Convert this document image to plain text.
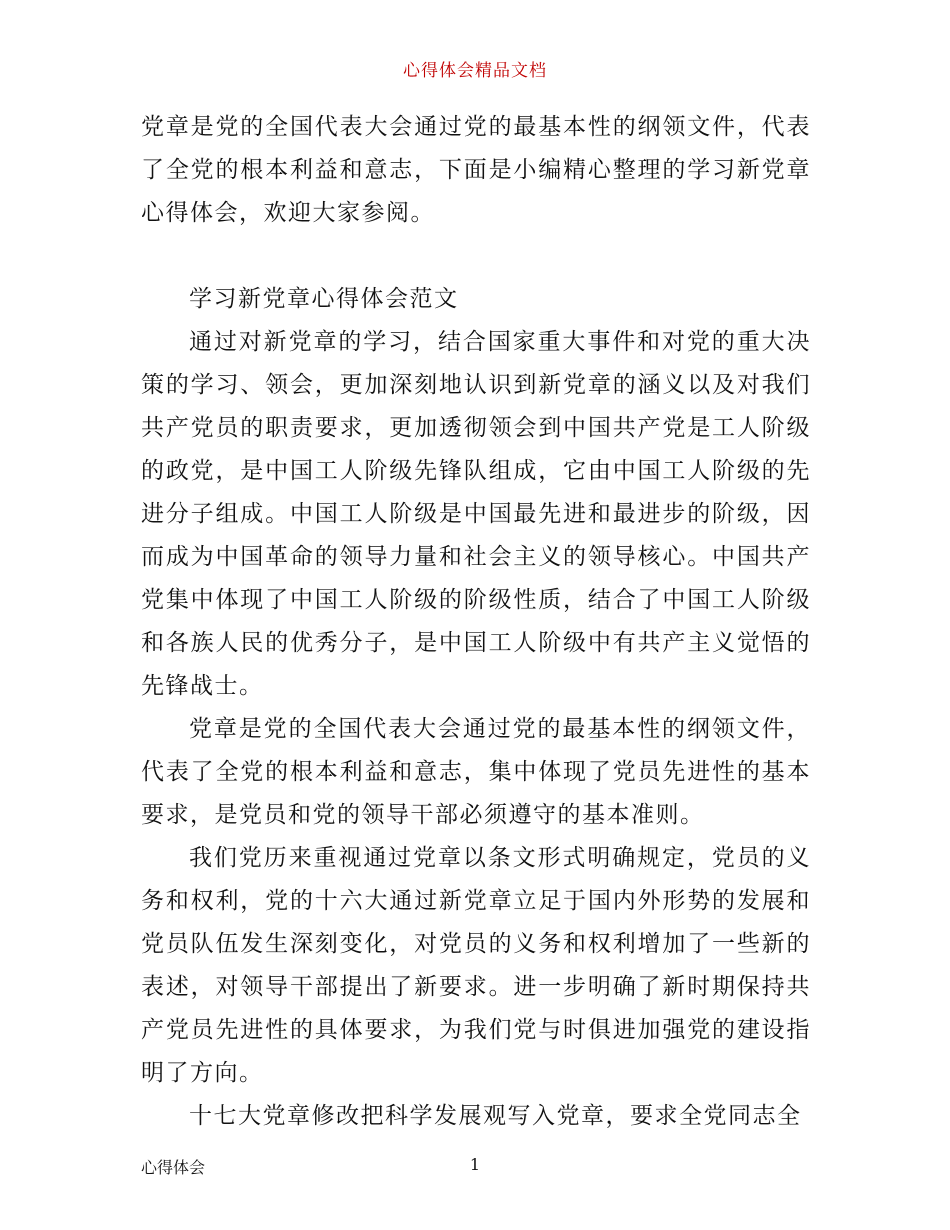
心得体会精品文档

党章是党的全国代表大会通过党的最基本性的纲领文件，代表了全党的根本利益和意志，下面是小编精心整理的学习新党章心得体会，欢迎大家参阅。

学习新党章心得体会范文

通过对新党章的学习，结合国家重大事件和对党的重大决策的学习、领会，更加深刻地认识到新党章的涵义以及对我们共产党员的职责要求，更加透彻领会到中国共产党是工人阶级的政党，是中国工人阶级先锋队组成，它由中国工人阶级的先进分子组成。中国工人阶级是中国最先进和最进步的阶级，因而成为中国革命的领导力量和社会主义的领导核心。中国共产党集中体现了中国工人阶级的阶级性质，结合了中国工人阶级和各族人民的优秀分子，是中国工人阶级中有共产主义觉悟的先锋战士。

党章是党的全国代表大会通过党的最基本性的纲领文件，代表了全党的根本利益和意志，集中体现了党员先进性的基本要求，是党员和党的领导干部必须遵守的基本准则。

我们党历来重视通过党章以条文形式明确规定，党员的义务和权利，党的十六大通过新党章立足于国内外形势的发展和党员队伍发生深刻变化，对党员的义务和权利增加了一些新的表述，对领导干部提出了新要求。进一步明确了新时期保持共产党员先进性的具体要求，为我们党与时俱进加强党的建设指明了方向。

十七大党章修改把科学发展观写入党章，要求全党同志全

心得体会	1
